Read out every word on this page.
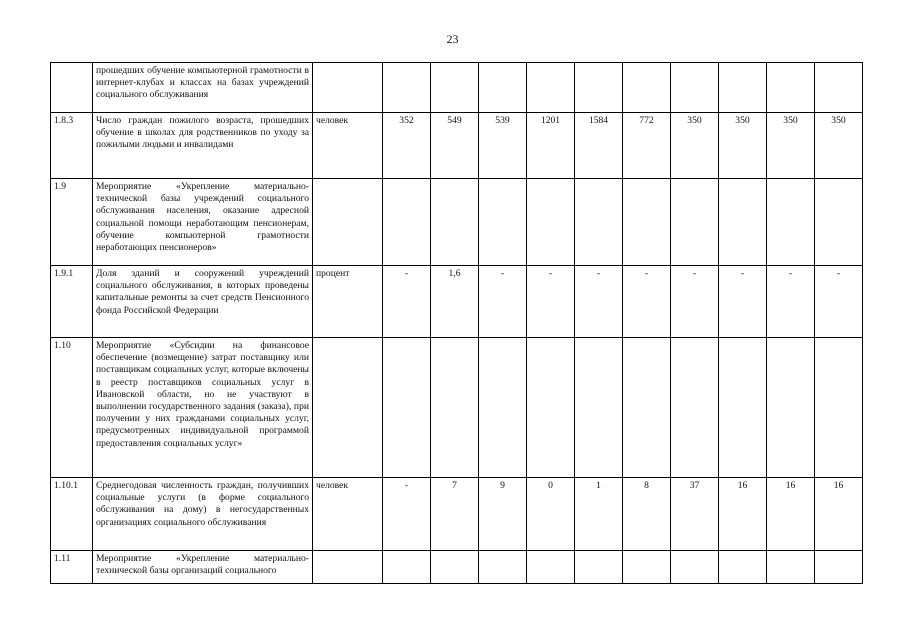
23
	прошедших обучение компьютерной грамотности в интернет-клубах и классах на базах учреждений социального обслуживания											
1.8.3	Число граждан пожилого возраста, прошедших обучение в школах для родственников по уходу за пожилыми людьми и инвалидами	человек	352	549	539	1201	1584	772	350	350	350	350
1.9	Мероприятие «Укрепление материально-технической базы учреждений социального обслуживания населения, оказание адресной социальной помощи неработающим пенсионерам, обучение компьютерной грамотности неработающих пенсионеров»											
1.9.1	Доля зданий и сооружений учреждений социального обслуживания, в которых проведены капитальные ремонты за счет средств Пенсионного фонда Российской Федерации	процент	-	1,6	-	-	-	-	-	-	-	-
1.10	Мероприятие «Субсидии на финансовое обеспечение (возмещение) затрат поставщику или поставщикам социальных услуг, которые включены в реестр поставщиков социальных услуг в Ивановской области, но не участвуют в выполнении государственного задания (заказа), при получении у них гражданами социальных услуг, предусмотренных индивидуальной программой предоставления социальных услуг»											
1.10.1	Среднегодовая численность граждан, получивших социальные услуги (в форме социального обслуживания на дому) в негосударственных организациях социального обслуживания	человек	-	7	9	0	1	8	37	16	16	16
1.11	Мероприятие «Укрепление материально-технической базы организаций социального											
